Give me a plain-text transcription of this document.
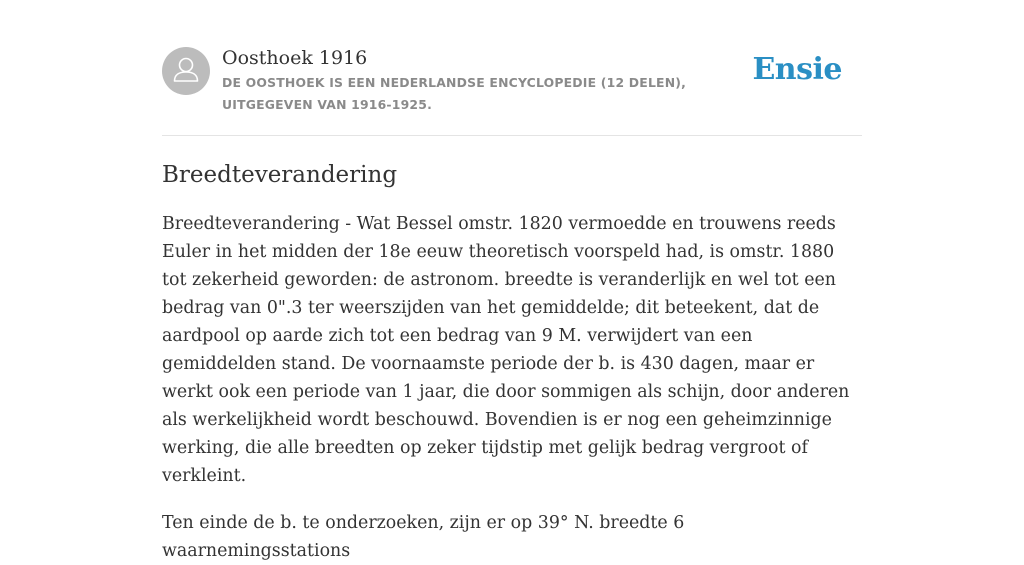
Oosthoek 1916

DE OOSTHOEK IS EEN NEDERLANDSE ENCYCLOPEDIE (12 DELEN), UITGEGEVEN VAN 1916-1925.

Ensie
Breedteverandering

Breedteverandering - Wat Bessel omstr. 1820 vermoedde en trouwens reeds Euler in het midden der 18e eeuw theoretisch voorspeld had, is omstr. 1880 tot zekerheid geworden: de astronom. breedte is veranderlijk en wel tot een bedrag van 0".3 ter weerszijden van het gemiddelde; dit beteekent, dat de aardpool op aarde zich tot een bedrag van 9 M. verwijdert van een gemiddelden stand. De voornaamste periode der b. is 430 dagen, maar er werkt ook een periode van 1 jaar, die door sommigen als schijn, door anderen als werkelijkheid wordt beschouwd. Bovendien is er nog een geheimzinnige werking, die alle breedten op zeker tijdstip met gelijk bedrag vergroot of verkleint.

Ten einde de b. te onderzoeken, zijn er op 39° N. breedte 6 waarnemingsstations
